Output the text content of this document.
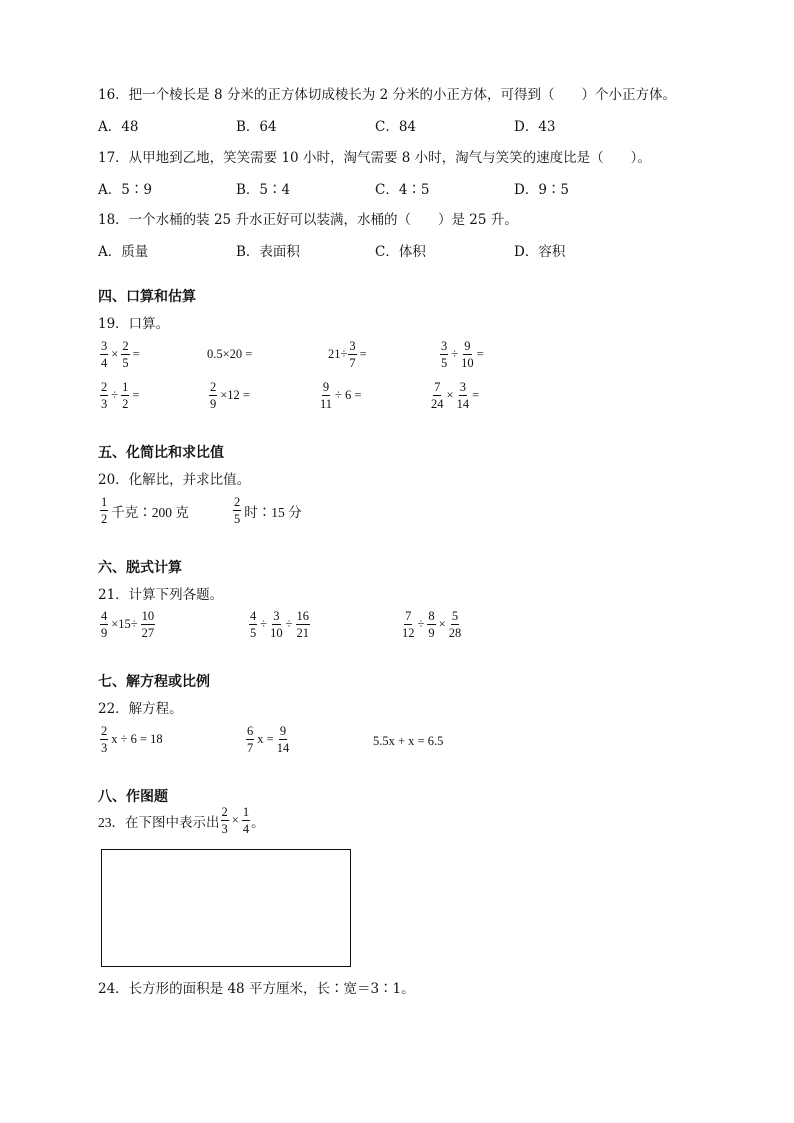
16．把一个棱长是 8 分米的正方体切成棱长为 2 分米的小正方体，可得到（　　）个小正方体。
A．48	B．64	C．84	D．43
17．从甲地到乙地，笑笑需要 10 小时，淘气需要 8 小时，淘气与笑笑的速度比是（　　）。
A．5∶9	B．5∶4	C．4∶5	D．9∶5
18．一个水桶的装 25 升水正好可以装满，水桶的（　　）是 25 升。
A．质量	B．表面积	C．体积	D．容积
四、口算和估算
19．口算。
$\frac{3}{4} \times \frac{2}{5}$ =	0.5×20 =	$21\div \frac{3}{7}$ =	$\frac{3}{5} \div \frac{9}{10}$ =
$\frac{2}{3} \div \frac{1}{2}$ =	$\frac{2}{9} \times 12$ =	$\frac{9}{11} \div 6$ =	$\frac{7}{24} \times \frac{3}{14}$ =
五、化简比和求比值
20．化解比，并求比值。
$\frac{1}{2}$ 千克∶200 克	$\frac{2}{5}$ 时∶15 分
六、脱式计算
21．计算下列各题。
$\frac{4}{9} \times 15\div \frac{10}{27}$	$\frac{4}{5} \div \frac{3}{10} \div \frac{16}{21}$	$\frac{7}{12} \div \frac{8}{9} \times \frac{5}{28}$
七、解方程或比例
22．解方程。
$\frac{2}{3}$ x ÷ 6 = 18	$\frac{6}{7}$ $x = \frac{9}{14}$	5.5x + x = 6.5
八、作图题
23．在下图中表示出 $\frac{2}{3} \times \frac{1}{4}$ 。
24．长方形的面积是 48 平方厘米，长∶宽＝3∶1。
